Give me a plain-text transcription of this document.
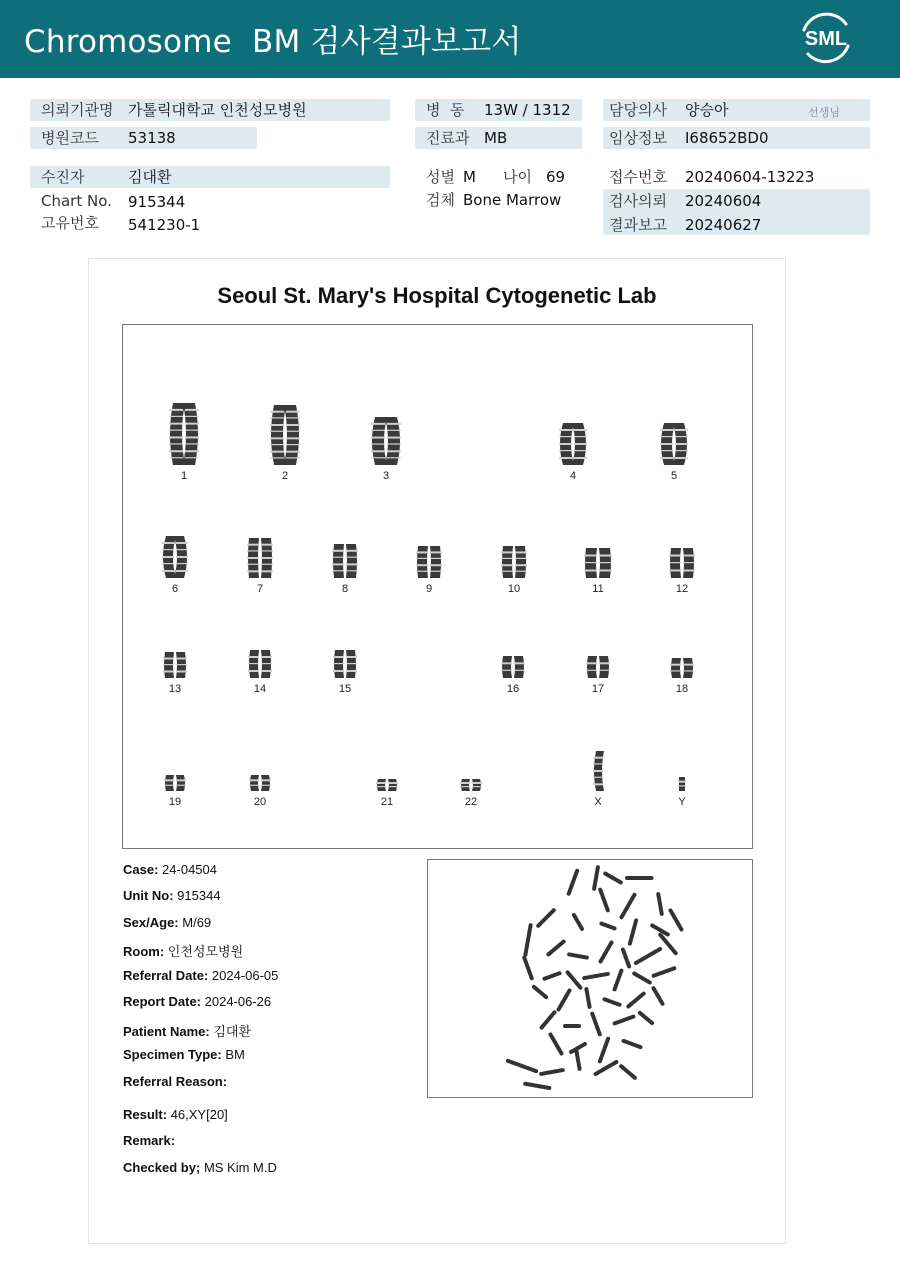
Chromosome  BM 검사결과보고서	SML
의뢰기관명 가톨릭대학교 인천성모병원
병원코드 53138
병  동 13W / 1312
진료과 MB
담당의사 양승아	선생님
임상정보 I68652BD0
수진자	김대환
Chart No. 915344
고유번호 541230-1
성별 M 나이 69
검체 Bone Marrow
접수번호 20240604-13223
검사의뢰 20240604
결과보고 20240627
Seoul St. Mary's Hospital Cytogenetic Lab
1	2	3	4	5
6	7	8	9	10	11	12
13	14	15	16	17	18
19	20	21	22	X	Y
Case: 24-04504
Unit No: 915344
Sex/Age: M/69
Room: 인천성모병원
Referral Date: 2024-06-05
Report Date: 2024-06-26
Patient Name: 김대환
Specimen Type: BM
Referral Reason:
Result: 46,XY[20]
Remark:
Checked by; MS Kim M.D
